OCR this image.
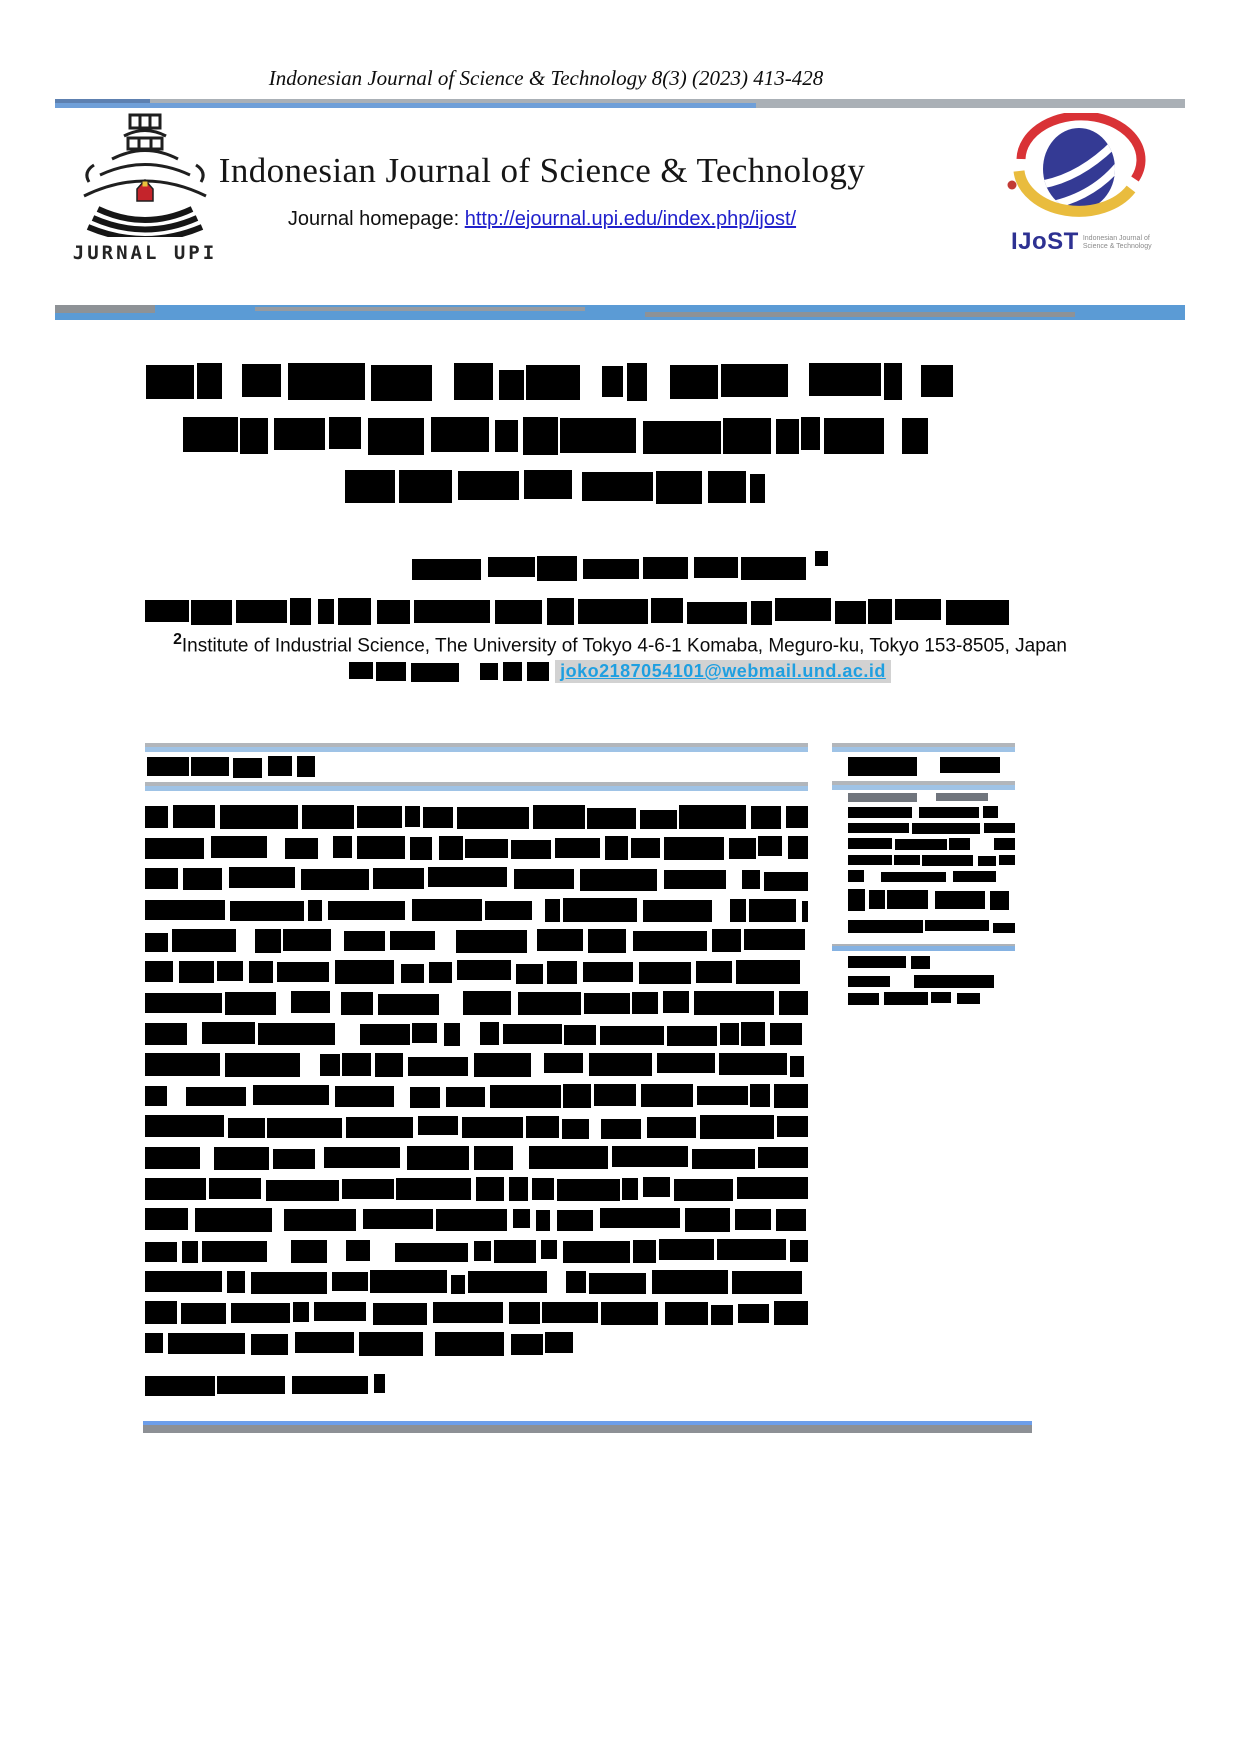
Indonesian Journal of Science & Technology 8(3) (2023) 413-428
JURNAL UPI
Indonesian Journal of Science & Technology
Journal homepage: http://ejournal.upi.edu/index.php/ijost/
IJoST Indonesian Journal of
Science & Technology
$^2$Institute of Industrial Science, The University of Tokyo 4-6-1 Komaba, Meguro-ku, Tokyo 153-8505, Japan
joko2187054101@webmail.und.ac.id
